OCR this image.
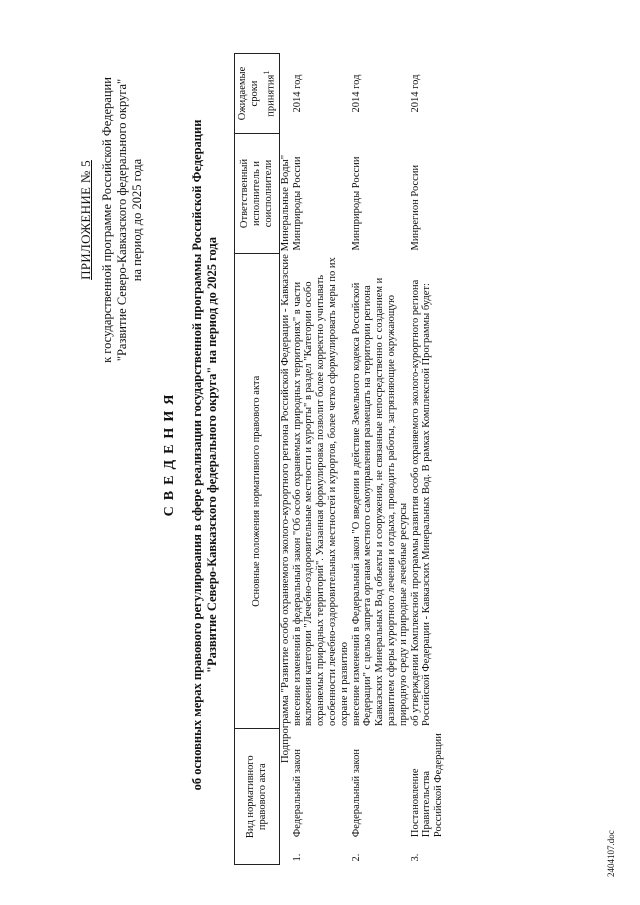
ПРИЛОЖЕНИЕ № 5 к государственной программе Российской Федерации "Развитие Северо-Кавказского федерального округа" на период до 2025 года
СВЕДЕНИЯ об основных мерах правового регулирования в сфере реализации государственной программы Российской Федерации "Развитие Северо-Кавказского федерального округа" на период до 2025 года
Вид нормативного правового акта		Основные положения нормативного правового акта	Ответственный исполнитель и соисполнители	Ожидаемые сроки принятия$^1$
Подпрограмма "Развитие особо охраняемого эколого-курортного региона Российской Федерации - Кавказские Минеральные Воды"				
1.	Федеральный закон	внесение изменений в федеральный закон "Об особо охраняемых природных территориях" в части включения категории "Лечебно-оздоровительные местности и курорты" в раздел "Категории особо охраняемых природных территорий". Указанная формулировка позволит более корректно учитывать особенности лечебно-оздоровительных местностей и курортов, более четко сформулировать меры по их охране и развитию	Минприроды России	2014 год
2.	Федеральный закон	внесение изменений в Федеральный закон "О введении в действие Земельного кодекса Российской Федерации" с целью запрета органам местного самоуправления размещать на территории региона Кавказских Минеральных Вод объекты и сооружения, не связанные непосредственно с созданием и развитием сферы курортного лечения и отдыха, проводить работы, загрязняющие окружающую природную среду и природные лечебные ресурсы	Минприроды России	2014 год
3.	Постановление Правительства Российской Федерации	об утверждении Комплексной программы развития особо охраняемого эколого-курортного региона Российской Федерации - Кавказских Минеральных Вод. В рамках Комплексной Программы будет:	Минрегион России	2014 год
2404107.doc
